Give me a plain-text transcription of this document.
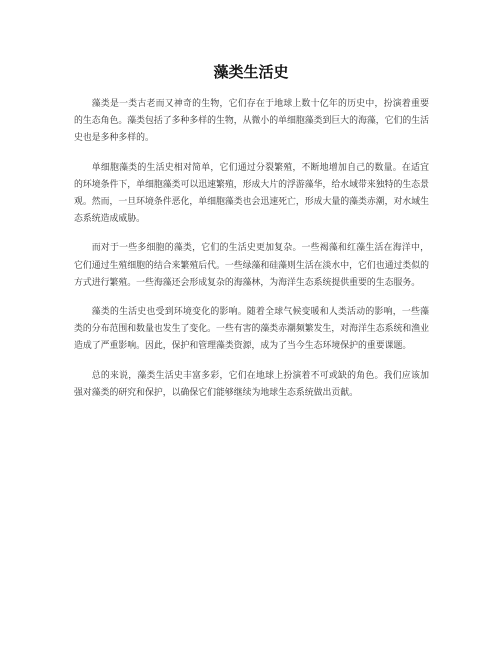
藻类生活史

藻类是一类古老而又神奇的生物，它们存在于地球上数十亿年的历史中，扮演着重要的生态角色。藻类包括了多种多样的生物，从微小的单细胞藻类到巨大的海藻，它们的生活史也是多种多样的。

单细胞藻类的生活史相对简单，它们通过分裂繁殖，不断地增加自己的数量。在适宜的环境条件下，单细胞藻类可以迅速繁殖，形成大片的浮游藻华，给水域带来独特的生态景观。然而，一旦环境条件恶化，单细胞藻类也会迅速死亡，形成大量的藻类赤潮，对水域生态系统造成威胁。

而对于一些多细胞的藻类，它们的生活史更加复杂。一些褐藻和红藻生活在海洋中，它们通过生殖细胞的结合来繁殖后代。一些绿藻和硅藻则生活在淡水中，它们也通过类似的方式进行繁殖。一些海藻还会形成复杂的海藻林，为海洋生态系统提供重要的生态服务。

藻类的生活史也受到环境变化的影响。随着全球气候变暖和人类活动的影响，一些藻类的分布范围和数量也发生了变化。一些有害的藻类赤潮频繁发生，对海洋生态系统和渔业造成了严重影响。因此，保护和管理藻类资源，成为了当今生态环境保护的重要课题。

总的来说，藻类生活史丰富多彩，它们在地球上扮演着不可或缺的角色。我们应该加强对藻类的研究和保护，以确保它们能够继续为地球生态系统做出贡献。
